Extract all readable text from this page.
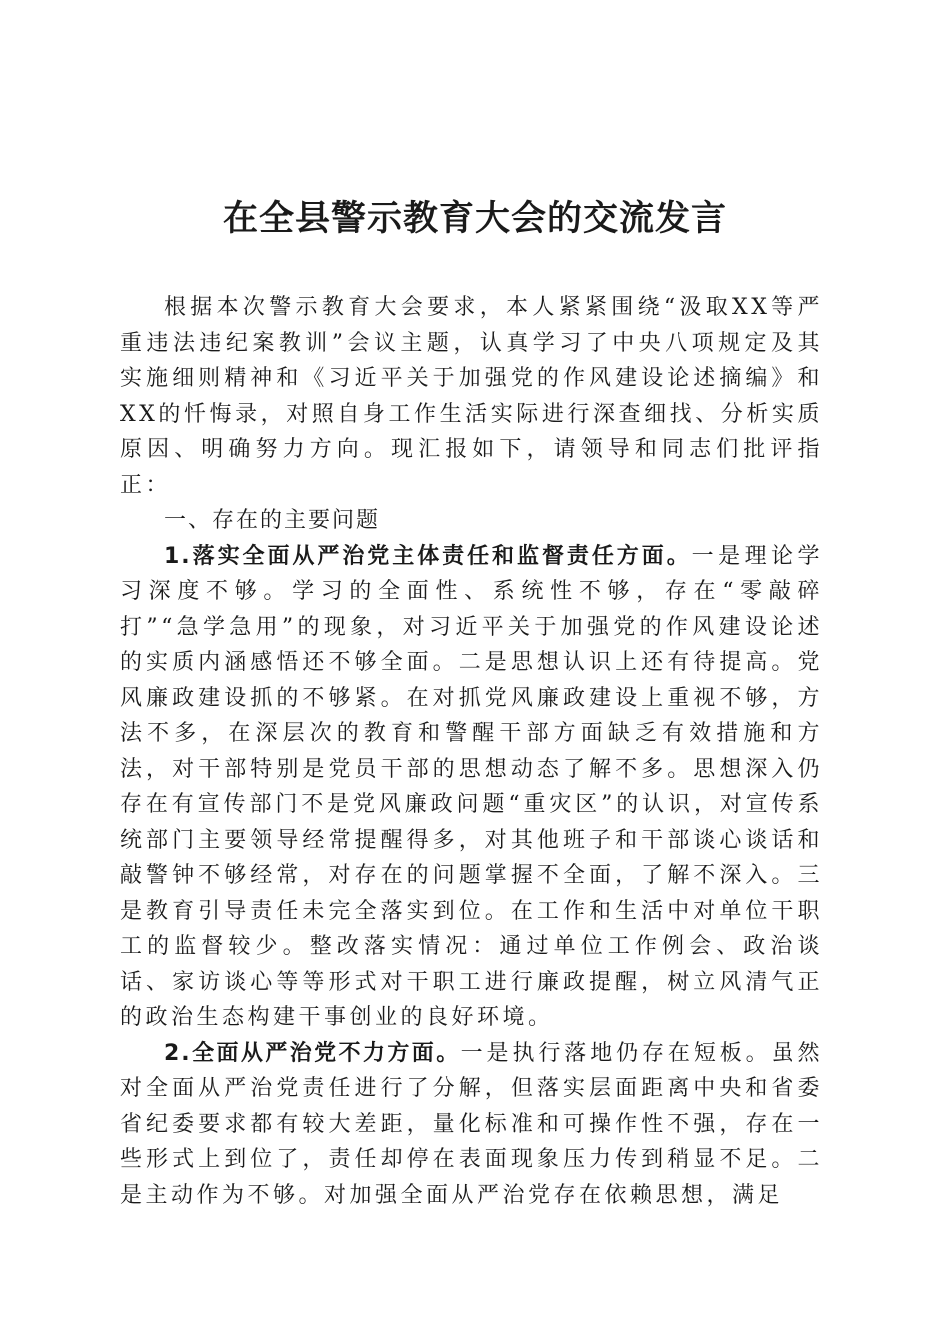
在全县警示教育大会的交流发言

根据本次警示教育大会要求，本人紧紧围绕“汲取XX等严重违法违纪案教训”会议主题，认真学习了中央八项规定及其实施细则精神和《习近平关于加强党的作风建设论述摘编》和XX的忏悔录，对照自身工作生活实际进行深查细找、分析实质原因、明确努力方向。现汇报如下，请领导和同志们批评指正：

一、存在的主要问题

1.落实全面从严治党主体责任和监督责任方面。一是理论学习深度不够。学习的全面性、系统性不够，存在“零敲碎打”“急学急用”的现象，对习近平关于加强党的作风建设论述的实质内涵感悟还不够全面。二是思想认识上还有待提高。党风廉政建设抓的不够紧。在对抓党风廉政建设上重视不够，方法不多，在深层次的教育和警醒干部方面缺乏有效措施和方法，对干部特别是党员干部的思想动态了解不多。思想深入仍存在有宣传部门不是党风廉政问题“重灾区”的认识，对宣传系统部门主要领导经常提醒得多，对其他班子和干部谈心谈话和敲警钟不够经常，对存在的问题掌握不全面，了解不深入。三是教育引导责任未完全落实到位。在工作和生活中对单位干职工的监督较少。整改落实情况：通过单位工作例会、政治谈话、家访谈心等等形式对干职工进行廉政提醒，树立风清气正的政治生态构建干事创业的良好环境。

2.全面从严治党不力方面。一是执行落地仍存在短板。虽然对全面从严治党责任进行了分解，但落实层面距离中央和省委省纪委要求都有较大差距，量化标准和可操作性不强，存在一些形式上到位了，责任却停在表面现象压力传到稍显不足。二是主动作为不够。对加强全面从严治党存在依赖思想，满足
